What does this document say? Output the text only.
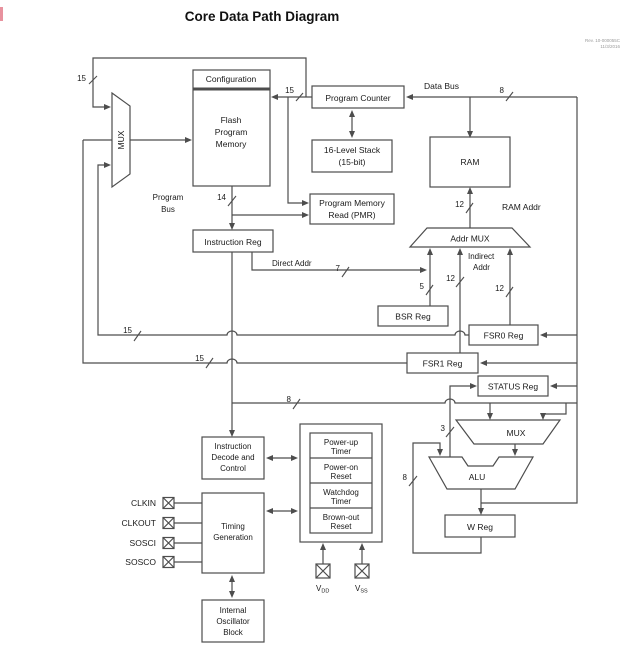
Core Data Path Diagram
Rev. 10-000055C
11/3/2016
Configuration
Flash
Program
Memory
MUX
Program Counter
16-Level Stack
(15-bit)	RAM
Program Memory
Read (PMR)
Instruction Reg	Addr MUX
BSR Reg
FSR0 Reg
FSR1 Reg
STATUS Reg
MUX
ALU
W Reg
Instruction
Decode and
Control
Timing
Generation
Power-up
Timer
Power-on
Reset
Watchdog
Timer
Brown-out
Reset
Internal
Oscillator
Block
Data Bus
RAM Addr
Direct Addr
Indirect
Addr
Program
Bus
CLKIN
CLKOUT
SOSCI
SOSCO
VDD	VSS
15
15	8
14
15
15
7
5
12
12
12
8
3
8
